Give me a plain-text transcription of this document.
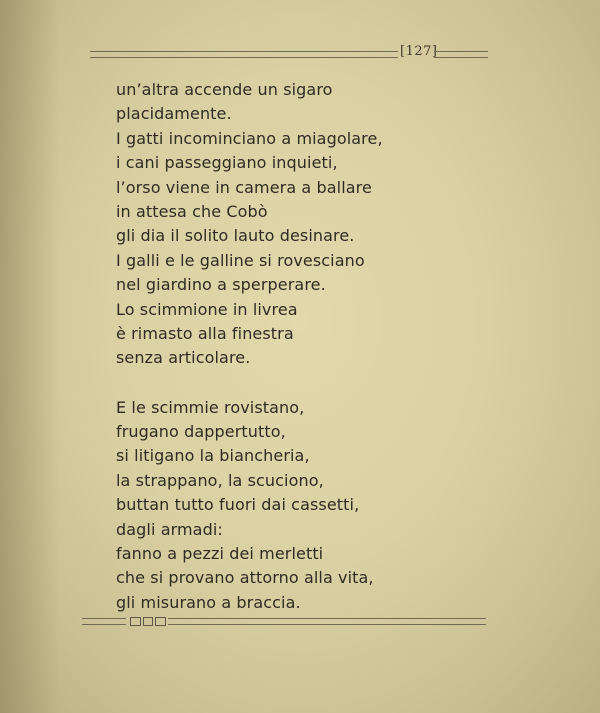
[127]
un’altra accende un sigaro
placidamente.
I gatti incominciano a miagolare,
i cani passeggiano inquieti,
l’orso viene in camera a ballare
in attesa che Cobò
gli dia il solito lauto desinare.
I galli e le galline si rovesciano
nel giardino a sperperare.
Lo scimmione in livrea
è rimasto alla finestra
senza articolare.
E le scimmie rovistano,
frugano dappertutto,
si litigano la biancheria,
la strappano, la scuciono,
buttan tutto fuori dai cassetti,
dagli armadi:
fanno a pezzi dei merletti
che si provano attorno alla vita,
gli misurano a braccia.
